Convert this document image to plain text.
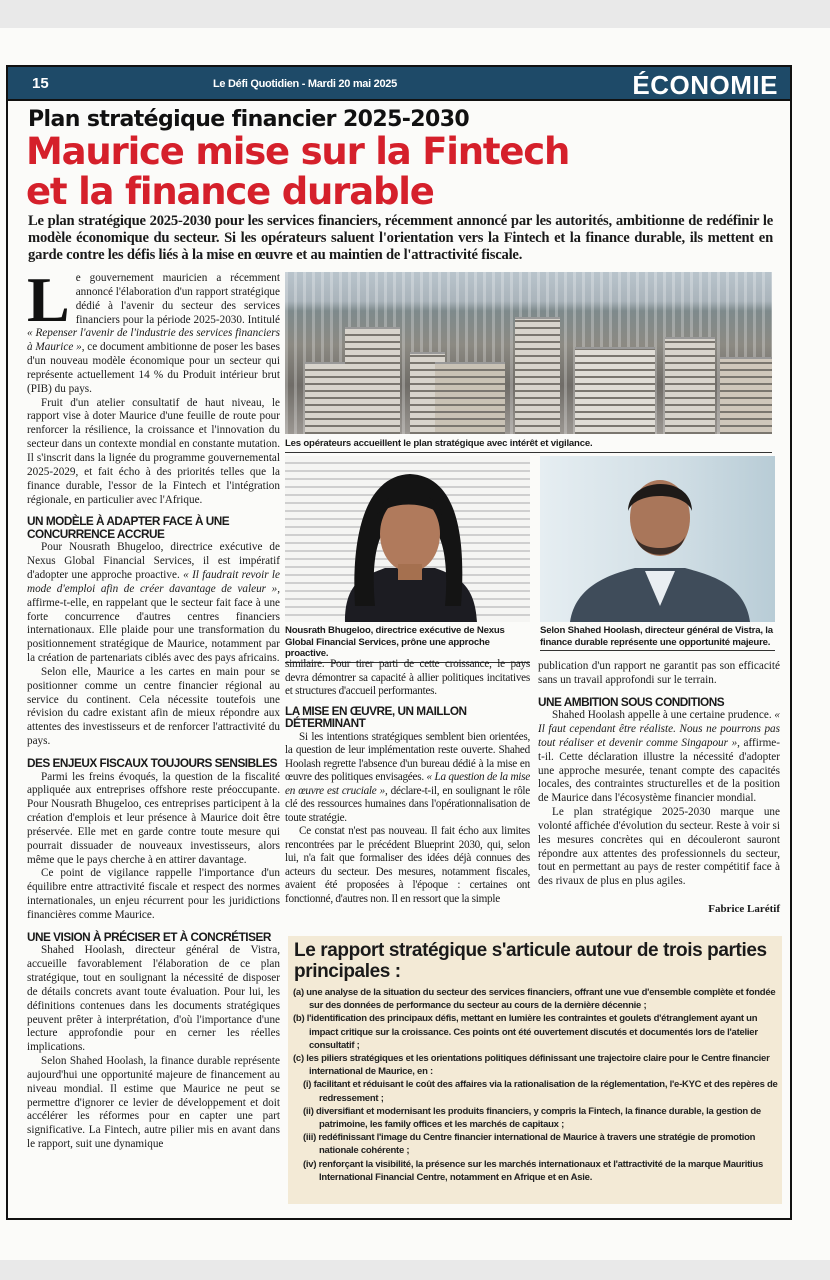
15	Le Défi Quotidien - Mardi 20 mai 2025	ÉCONOMIE
Plan stratégique financier 2025-2030
Maurice mise sur la Fintech
et la finance durable
Le plan stratégique 2025-2030 pour les services financiers, récemment annoncé par les autorités, ambitionne de redéfinir le modèle économique du secteur. Si les opérateurs saluent l'orientation vers la Fintech et la finance durable, ils mettent en garde contre les défis liés à la mise en œuvre et au maintien de l'attractivité fiscale.

Le gouvernement mauricien a récemment annoncé l'élaboration d'un rapport stratégique dédié à l'avenir du secteur des services financiers pour la période 2025-2030. Intitulé « Repenser l'avenir de l'industrie des services financiers à Maurice », ce document ambitionne de poser les bases d'un nouveau modèle économique pour un secteur qui représente actuellement 14 % du Produit intérieur brut (PIB) du pays.

Fruit d'un atelier consultatif de haut niveau, le rapport vise à doter Maurice d'une feuille de route pour renforcer la résilience, la croissance et l'innovation du secteur dans un contexte mondial en constante mutation. Il s'inscrit dans la lignée du programme gouvernemental 2025-2029, et fait écho à des priorités telles que la finance durable, l'essor de la Fintech et l'intégration régionale, en particulier avec l'Afrique.

UN MODÈLE À ADAPTER FACE À UNE CONCURRENCE ACCRUE

Pour Nousrath Bhugeloo, directrice exécutive de Nexus Global Financial Services, il est impératif d'adopter une approche proactive. « Il faudrait revoir le mode d'emploi afin de créer davantage de valeur », affirme-t-elle, en rappelant que le secteur fait face à une forte concurrence d'autres centres financiers internationaux. Elle plaide pour une transformation du positionnement stratégique de Maurice, notamment par la création de partenariats ciblés avec des pays africains.

Selon elle, Maurice a les cartes en main pour se positionner comme un centre financier régional au service du continent. Cela nécessite toutefois une révision du cadre existant afin de mieux répondre aux attentes des investisseurs et de renforcer l'attractivité du pays.

DES ENJEUX FISCAUX TOUJOURS SENSIBLES

Parmi les freins évoqués, la question de la fiscalité appliquée aux entreprises offshore reste préoccupante. Pour Nousrath Bhugeloo, ces entreprises participent à la création d'emplois et leur présence à Maurice doit être préservée. Elle met en garde contre toute mesure qui pourrait dissuader de nouveaux investisseurs, alors même que le pays cherche à en attirer davantage.

Ce point de vigilance rappelle l'importance d'un équilibre entre attractivité fiscale et respect des normes internationales, un enjeu récurrent pour les juridictions financières comme Maurice.

UNE VISION À PRÉCISER ET À CONCRÉTISER

Shahed Hoolash, directeur général de Vistra, accueille favorablement l'élaboration de ce plan stratégique, tout en soulignant la nécessité de disposer de détails concrets avant toute évaluation. Pour lui, les définitions contenues dans les documents stratégiques peuvent prêter à interprétation, d'où l'importance d'une lecture approfondie pour en cerner les réelles implications.

Selon Shahed Hoolash, la finance durable représente aujourd'hui une opportunité majeure de financement au niveau mondial. Il estime que Maurice ne peut se permettre d'ignorer ce levier de développement et doit accélérer les réformes pour en capter une part significative. La Fintech, autre pilier mis en avant dans le rapport, suit une dynamique

Les opérateurs accueillent le plan stratégique avec intérêt et vigilance.
Nousrath Bhugeloo, directrice exécutive de Nexus Global Financial Services, prône une approche proactive.
Selon Shahed Hoolash, directeur général de Vistra, la finance durable représente une opportunité majeure.

similaire. Pour tirer parti de cette croissance, le pays devra démontrer sa capacité à allier politiques incitatives et structures d'accueil performantes.

LA MISE EN ŒUVRE, UN MAILLON DÉTERMINANT

Si les intentions stratégiques semblent bien orientées, la question de leur implémentation reste ouverte. Shahed Hoolash regrette l'absence d'un bureau dédié à la mise en œuvre des politiques envisagées. « La question de la mise en œuvre est cruciale », déclare-t-il, en soulignant le rôle clé des ressources humaines dans l'opérationnalisation de toute stratégie.

Ce constat n'est pas nouveau. Il fait écho aux limites rencontrées par le précédent Blueprint 2030, qui, selon lui, n'a fait que formaliser des idées déjà connues des acteurs du secteur. Des mesures, notamment fiscales, avaient été proposées à l'époque : certaines ont fonctionné, d'autres non. Il en ressort que la simple

publication d'un rapport ne garantit pas son efficacité sans un travail approfondi sur le terrain.

UNE AMBITION SOUS CONDITIONS

Shahed Hoolash appelle à une certaine prudence. « Il faut cependant être réaliste. Nous ne pourrons pas tout réaliser et devenir comme Singapour », affirme-t-il. Cette déclaration illustre la nécessité d'adopter une approche mesurée, tenant compte des capacités locales, des contraintes structurelles et de la position de Maurice dans l'écosystème financier mondial.

Le plan stratégique 2025-2030 marque une volonté affichée d'évolution du secteur. Reste à voir si les mesures concrètes qui en découleront sauront répondre aux attentes des professionnels du secteur, tout en permettant au pays de rester compétitif face à des rivaux de plus en plus agiles.

Fabrice Larétif
Le rapport stratégique s'articule autour de trois parties principales :
(a) une analyse de la situation du secteur des services financiers, offrant une vue d'ensemble complète et fondée sur des données de performance du secteur au cours de la dernière décennie ;
(b) l'identification des principaux défis, mettant en lumière les contraintes et goulets d'étranglement ayant un impact critique sur la croissance. Ces points ont été ouvertement discutés et documentés lors de l'atelier consultatif ;
(c) les piliers stratégiques et les orientations politiques définissant une trajectoire claire pour le Centre financier international de Maurice, en :
(i) facilitant et réduisant le coût des affaires via la rationalisation de la réglementation, l'e-KYC et des repères de redressement ;
(ii) diversifiant et modernisant les produits financiers, y compris la Fintech, la finance durable, la gestion de patrimoine, les family offices et les marchés de capitaux ;
(iii) redéfinissant l'image du Centre financier international de Maurice à travers une stratégie de promotion nationale cohérente ;
(iv) renforçant la visibilité, la présence sur les marchés internationaux et l'attractivité de la marque Mauritius International Financial Centre, notamment en Afrique et en Asie.
